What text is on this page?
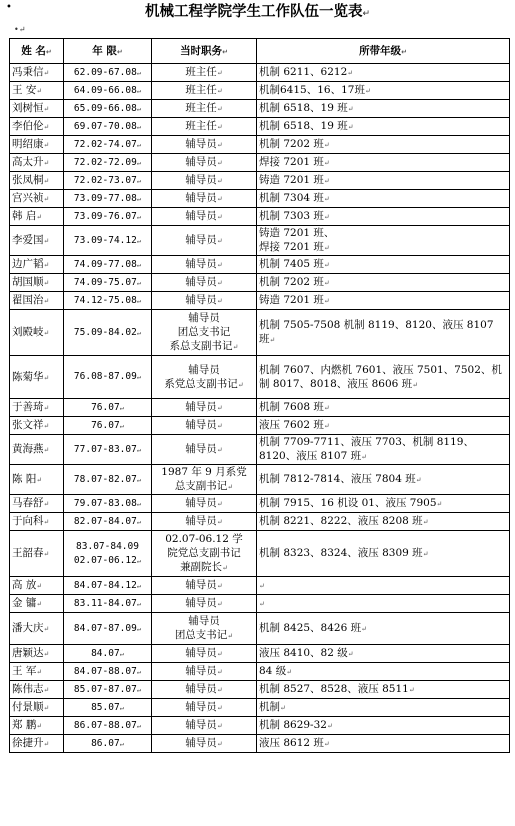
•	机械工程学院学生工作队伍一览表↵
•↵
姓 名↵	年 限↵	当时职务↵	所带年级↵
冯秉信↵	62.09-67.08↵	班主任↵	机制 6211、6212↵
王 安↵	64.09-66.08↵	班主任↵	机制6415、16、17班↵
刘树恒↵	65.09-66.08↵	班主任↵	机制 6518、19 班↵
李伯伦↵	69.07-70.08↵	班主任↵	机制 6518、19 班↵
明绍康↵	72.02-74.07↵	辅导员↵	机制 7202 班↵
高太升↵	72.02-72.09↵	辅导员↵	焊接 7201 班↵
张凤桐↵	72.02-73.07↵	辅导员↵	铸造 7201 班↵
宫兴祯↵	73.09-77.08↵	辅导员↵	机制 7304 班↵
韩 启↵	73.09-76.07↵	辅导员↵	机制 7303 班↵
李爱国↵	73.09-74.12↵	辅导员↵	铸造 7201 班、
焊接 7201 班↵
边广韬↵	74.09-77.08↵	辅导员↵	机制 7405 班↵
胡国顺↵	74.09-75.07↵	辅导员↵	机制 7202 班↵
翟国治↵	74.12-75.08↵	辅导员↵	铸造 7201 班↵
刘殿岐↵	75.09-84.02↵	辅导员
团总支书记
系总支副书记↵	机制 7505-7508 机制 8119、8120、液压 8107 班↵
陈菊华↵	76.08-87.09↵	辅导员
系党总支副书记↵	机制 7607、内燃机 7601、液压 7501、7502、机制 8017、8018、液压 8606 班↵
于善琦↵	76.07↵	辅导员↵	机制 7608 班↵
张文祥↵	76.07↵	辅导员↵	液压 7602 班↵
黄海燕↵	77.07-83.07↵	辅导员↵	机制 7709-7711、液压 7703、机制 8119、8120、液压 8107 班↵
陈 阳↵	78.07-82.07↵	1987 年 9 月系党
总支副书记↵	机制 7812-7814、液压 7804 班↵
马春舒↵	79.07-83.08↵	辅导员↵	机制 7915、16 机设 01、液压 7905↵
于向科↵	82.07-84.07↵	辅导员↵	机制 8221、8222、液压 8208 班↵
王韶春↵	83.07-84.09
02.07-06.12↵	02.07-06.12 学
院党总支副书记
兼副院长↵	机制 8323、8324、液压 8309 班↵
高 放↵	84.07-84.12↵	辅导员↵	↵
金 镛↵	83.11-84.07↵	辅导员↵	↵
潘大庆↵	84.07-87.09↵	辅导员
团总支书记↵	机制 8425、8426 班↵
唐颖达↵	84.07↵	辅导员↵	液压 8410、82 级↵
王 军↵	84.07-88.07↵	辅导员↵	84 级↵
陈伟志↵	85.07-87.07↵	辅导员↵	机制 8527、8528、液压 8511↵
付景顺↵	85.07↵	辅导员↵	机制↵
郑 鹏↵	86.07-88.07↵	辅导员↵	机制 8629-32↵
徐捷升↵	86.07↵	辅导员↵	液压 8612 班↵
